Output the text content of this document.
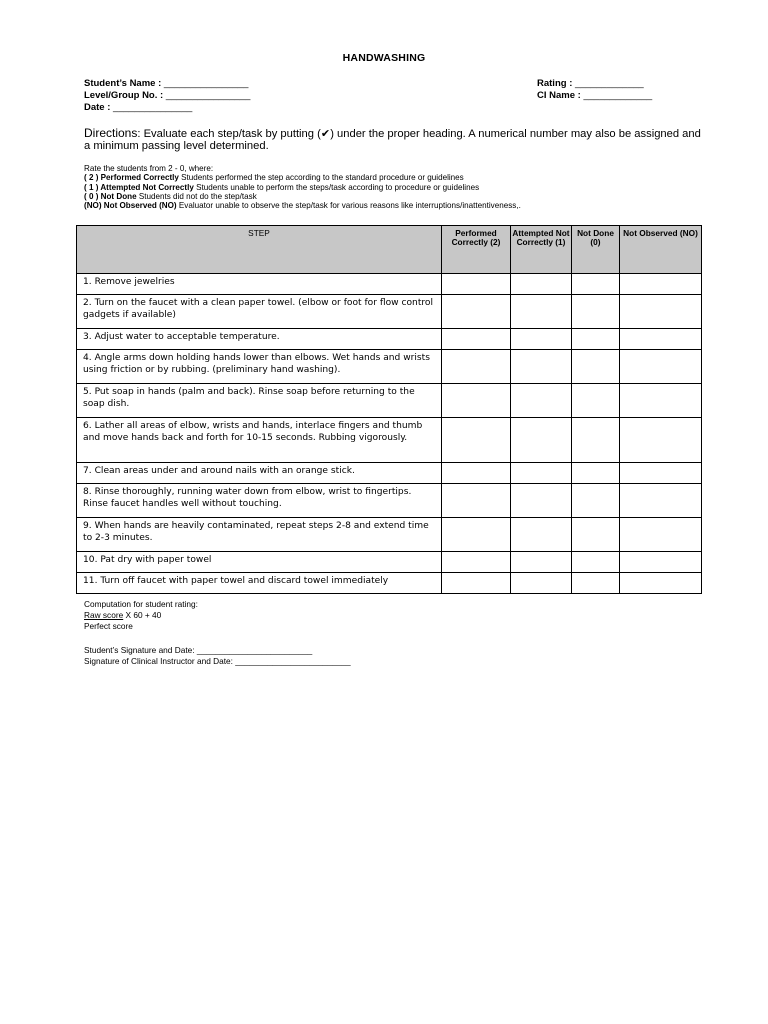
HANDWASHING
Student’s Name : ________________
Level/Group No. : ________________
Date : _______________
Rating : _____________
CI Name : _____________
Directions: Evaluate each step/task by putting (✔) under the proper heading. A numerical number may also be assigned and a minimum passing level determined.
Rate the students from 2 - 0, where:
( 2 ) Performed Correctly Students performed the step according to the standard procedure or guidelines
( 1 ) Attempted Not Correctly Students unable to perform the steps/task according to procedure or guidelines
( 0 ) Not Done Students did not do the step/task
(NO) Not Observed (NO) Evaluator unable to observe the step/task for various reasons like interruptions/inattentiveness,.
STEP	Performed Correctly (2)	Attempted Not Correctly (1)	Not Done (0)	Not Observed (NO)
1. Remove jewelries				
2. Turn on the faucet with a clean paper towel. (elbow or foot for flow control gadgets if available)				
3. Adjust water to acceptable temperature.				
4. Angle arms down holding hands lower than elbows. Wet hands and wrists using friction or by rubbing. (preliminary hand washing).				
5. Put soap in hands (palm and back). Rinse soap before returning to the soap dish.				
6. Lather all areas of elbow, wrists and hands, interlace fingers and thumb and move hands back and forth for 10-15 seconds. Rubbing vigorously.				
7. Clean areas under and around nails with an orange stick.				
8. Rinse thoroughly, running water down from elbow, wrist to fingertips. Rinse faucet handles well without touching.				
9. When hands are heavily contaminated, repeat steps 2-8 and extend time to 2-3 minutes.				
10. Pat dry with paper towel				
11. Turn off faucet with paper towel and discard towel immediately				
Computation for student rating:
Raw score X 60 + 40
Perfect score
Student’s Signature and Date: _________________________
Signature of Clinical Instructor and Date: _________________________
